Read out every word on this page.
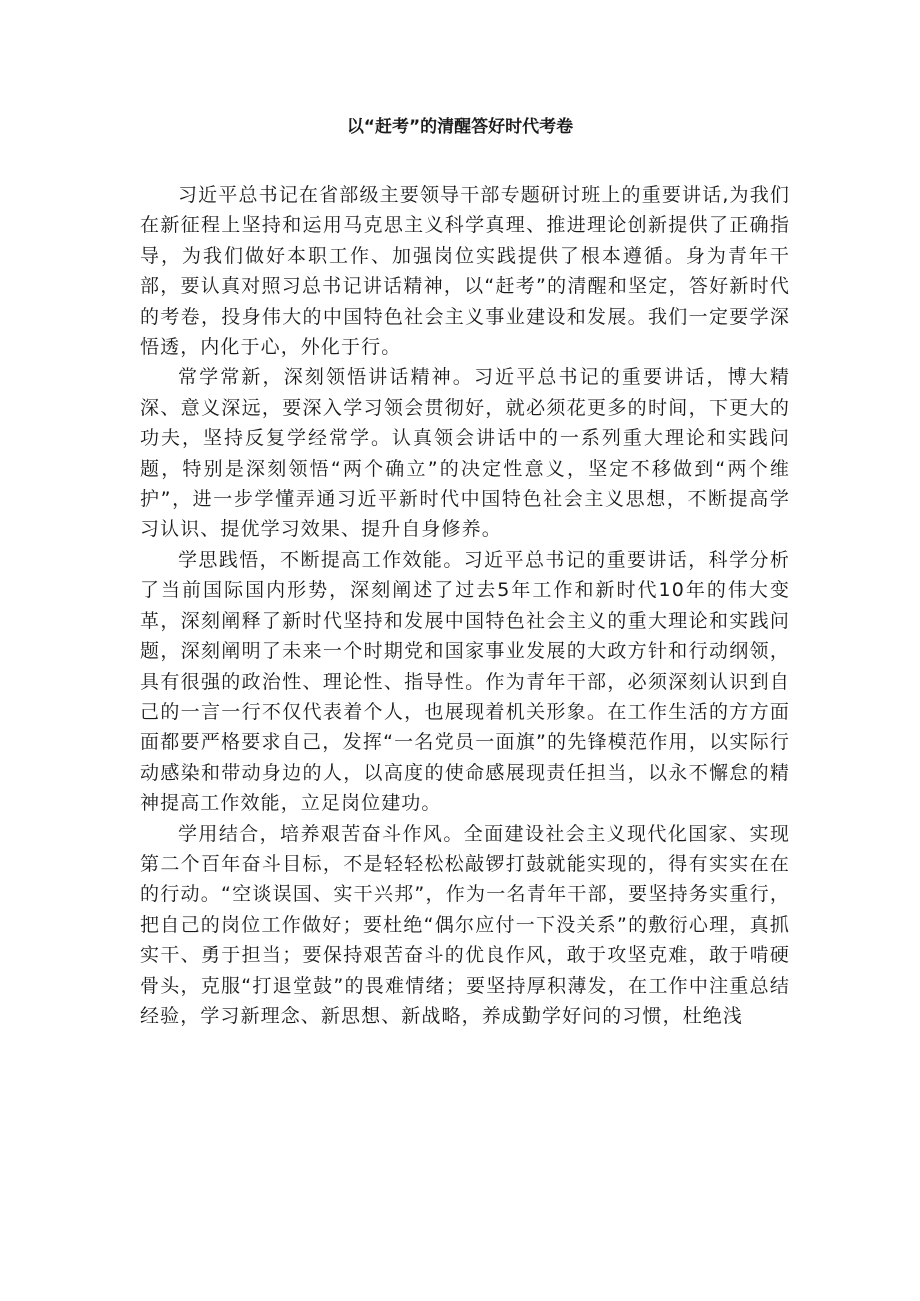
以“赶考”的清醒答好时代考卷

习近平总书记在省部级主要领导干部专题研讨班上的重要讲话,为我们在新征程上坚持和运用马克思主义科学真理、推进理论创新提供了正确指导，为我们做好本职工作、加强岗位实践提供了根本遵循。身为青年干部，要认真对照习总书记讲话精神，以“赶考”的清醒和坚定，答好新时代的考卷，投身伟大的中国特色社会主义事业建设和发展。我们一定要学深悟透，内化于心，外化于行。

常学常新，深刻领悟讲话精神。习近平总书记的重要讲话，博大精深、意义深远，要深入学习领会贯彻好，就必须花更多的时间，下更大的功夫，坚持反复学经常学。认真领会讲话中的一系列重大理论和实践问题，特别是深刻领悟“两个确立”的决定性意义，坚定不移做到“两个维护”，进一步学懂弄通习近平新时代中国特色社会主义思想，不断提高学习认识、提优学习效果、提升自身修养。

学思践悟，不断提高工作效能。习近平总书记的重要讲话，科学分析了当前国际国内形势，深刻阐述了过去5年工作和新时代10年的伟大变革，深刻阐释了新时代坚持和发展中国特色社会主义的重大理论和实践问题，深刻阐明了未来一个时期党和国家事业发展的大政方针和行动纲领，具有很强的政治性、理论性、指导性。作为青年干部，必须深刻认识到自己的一言一行不仅代表着个人，也展现着机关形象。在工作生活的方方面面都要严格要求自己，发挥“一名党员一面旗”的先锋模范作用，以实际行动感染和带动身边的人，以高度的使命感展现责任担当，以永不懈怠的精神提高工作效能，立足岗位建功。

学用结合，培养艰苦奋斗作风。全面建设社会主义现代化国家、实现第二个百年奋斗目标，不是轻轻松松敲锣打鼓就能实现的，得有实实在在的行动。“空谈误国、实干兴邦”，作为一名青年干部，要坚持务实重行，把自己的岗位工作做好；要杜绝“偶尔应付一下没关系”的敷衍心理，真抓实干、勇于担当；要保持艰苦奋斗的优良作风，敢于攻坚克难，敢于啃硬骨头，克服“打退堂鼓”的畏难情绪；要坚持厚积薄发，在工作中注重总结经验，学习新理念、新思想、新战略，养成勤学好问的习惯，杜绝浅
